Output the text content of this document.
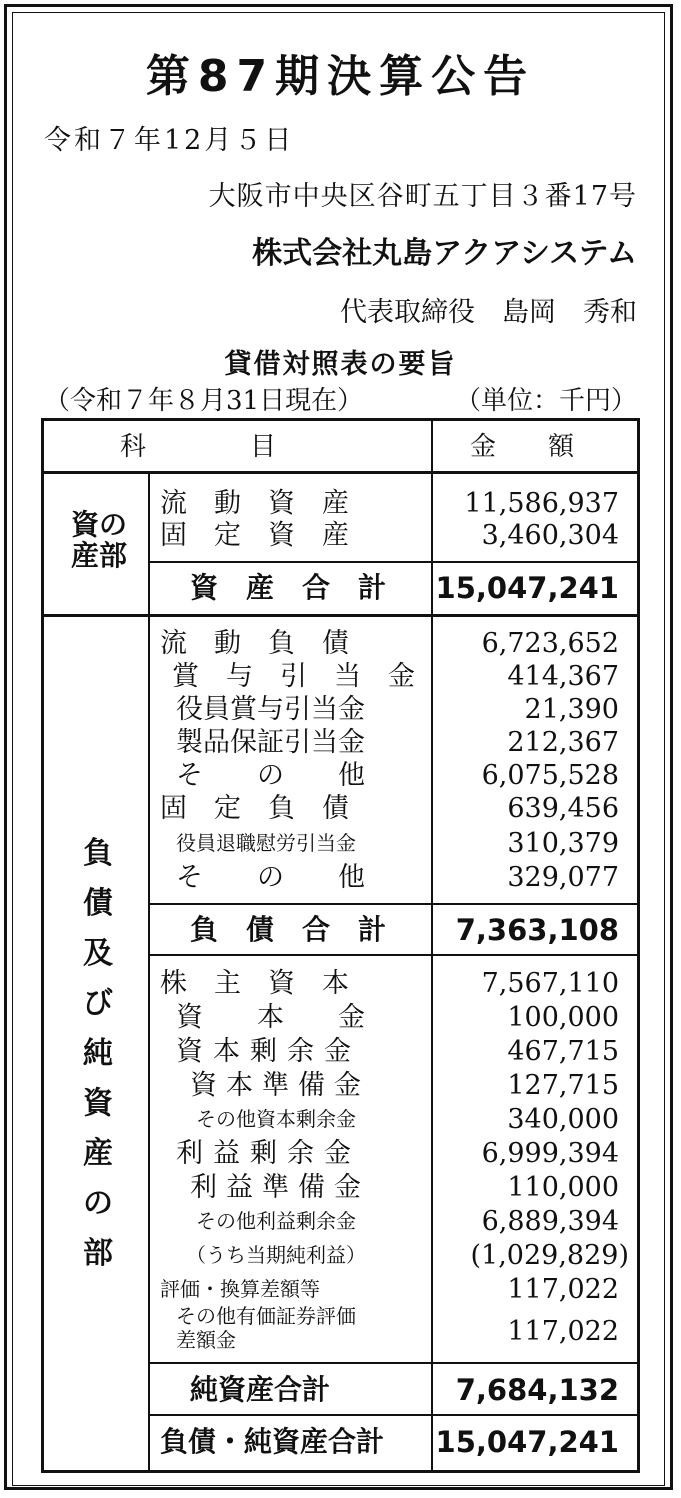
第87期決算公告
令和７年12月５日
大阪市中央区谷町五丁目３番17号
株式会社丸島アクアシステム
代表取締役　島岡　秀和
貸借対照表の要旨
（令和７年８月31日現在）	（単位：千円）
科　　　　目	金　　額
資の
産部
流　動　資　産	11,586,937
固　定　資　産	3,460,304
資　産　合　計 15,047,241
負
債
及
び
純
資
産
の
部
流　動　負　債	6,723,652
賞　与　引　当　金	414,367
役員賞与引当金	21,390
製品保証引当金	212,367
そ　　の　　他	6,075,528
固　定　負　債	639,456
役員退職慰労引当金	310,379
そ　　の　　他	329,077
負　債　合　計 7,363,108
株　主　資　本	7,567,110
資　　本　　金	100,000
資本剰余金	467,715
資本準備金	127,715
その他資本剰余金	340,000
利益剰余金	6,999,394
利益準備金	110,000
その他利益剰余金	6,889,394
（うち当期純利益）	(1,029,829)
評価・換算差額等	117,022
その他有価証券評価
差額金	117,022
純資産合計	7,684,132
負債・純資産合計 15,047,241
